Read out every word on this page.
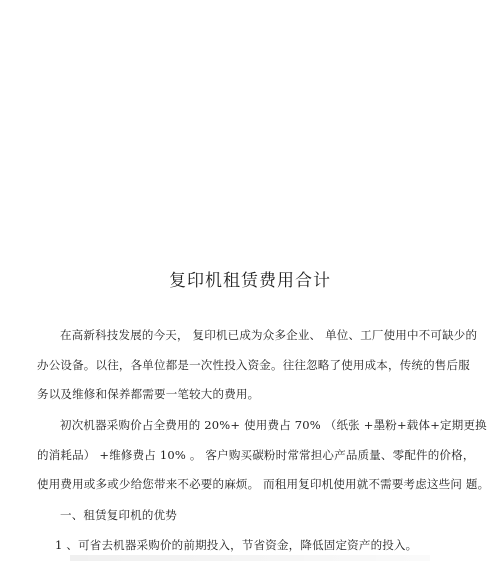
复印机租赁费用合计
在高新科技发展的今天， 复印机已成为众多企业、 单位、工厂使用中不可缺少的
办公设备。以往，各单位都是一次性投入资金。往往忽略了使用成本，传统的售后服
务以及维修和保养都需要一笔较大的费用。
初次机器采购价占全费用的 20%+ 使用费占 70% （纸张 +墨粉+载体+定期更换
的消耗品） +维修费占 10% 。 客户购买碳粉时常常担心产品质量、零配件的价格，
使用费用或多或少给您带来不必要的麻烦。 而租用复印机使用就不需要考虑这些问 题。
一、租赁复印机的优势
1 、可省去机器采购价的前期投入，节省资金，降低固定资产的投入。
